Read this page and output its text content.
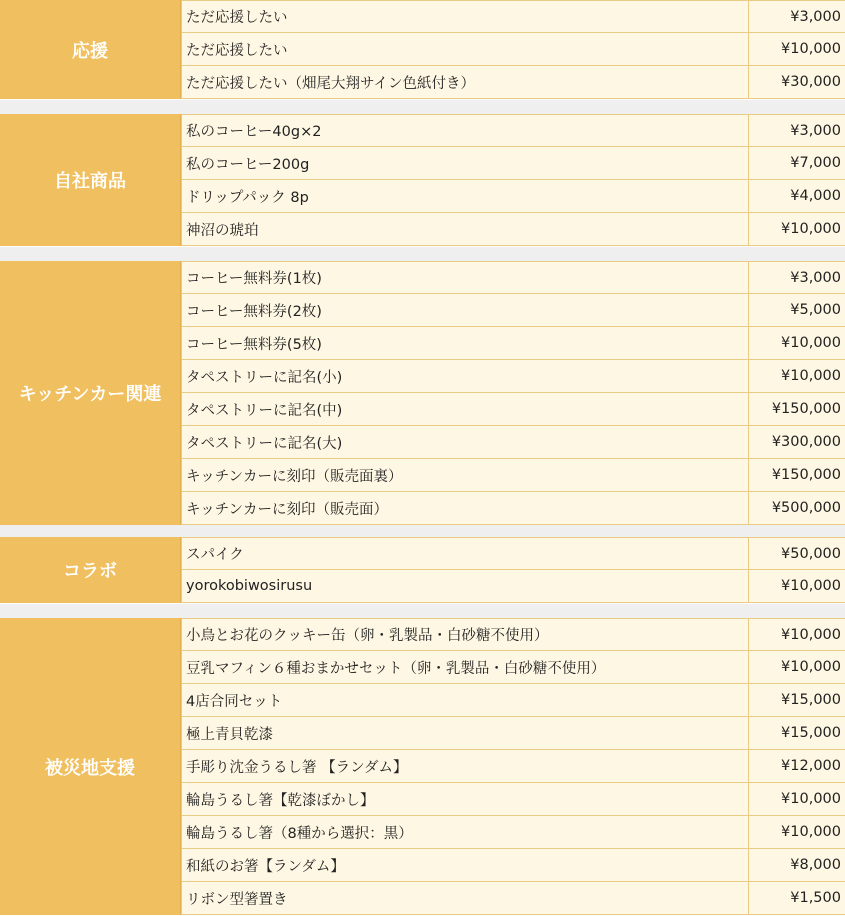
応援
ただ応援したい	¥3,000
ただ応援したい	¥10,000
ただ応援したい（畑尾大翔サイン色紙付き）	¥30,000
自社商品
私のコーヒー40g×2	¥3,000
私のコーヒー200g	¥7,000
ドリップパック 8p	¥4,000
神沼の琥珀	¥10,000
キッチンカー関連
コーヒー無料券(1枚)	¥3,000
コーヒー無料券(2枚)	¥5,000
コーヒー無料券(5枚)	¥10,000
タペストリーに記名(小)	¥10,000
タペストリーに記名(中)	¥150,000
タペストリーに記名(大)	¥300,000
キッチンカーに刻印（販売面裏）	¥150,000
キッチンカーに刻印（販売面）	¥500,000
コラボ
スパイク	¥50,000
yorokobiwosirusu	¥10,000
被災地支援
小鳥とお花のクッキー缶（卵・乳製品・白砂糖不使用）	¥10,000
豆乳マフィン６種おまかせセット（卵・乳製品・白砂糖不使用）	¥10,000
4店合同セット	¥15,000
極上青貝乾漆	¥15,000
手彫り沈金うるし箸 【ランダム】	¥12,000
輪島うるし箸【乾漆ぼかし】	¥10,000
輪島うるし箸（8種から選択：黒）	¥10,000
和紙のお箸【ランダム】	¥8,000
リボン型箸置き	¥1,500
